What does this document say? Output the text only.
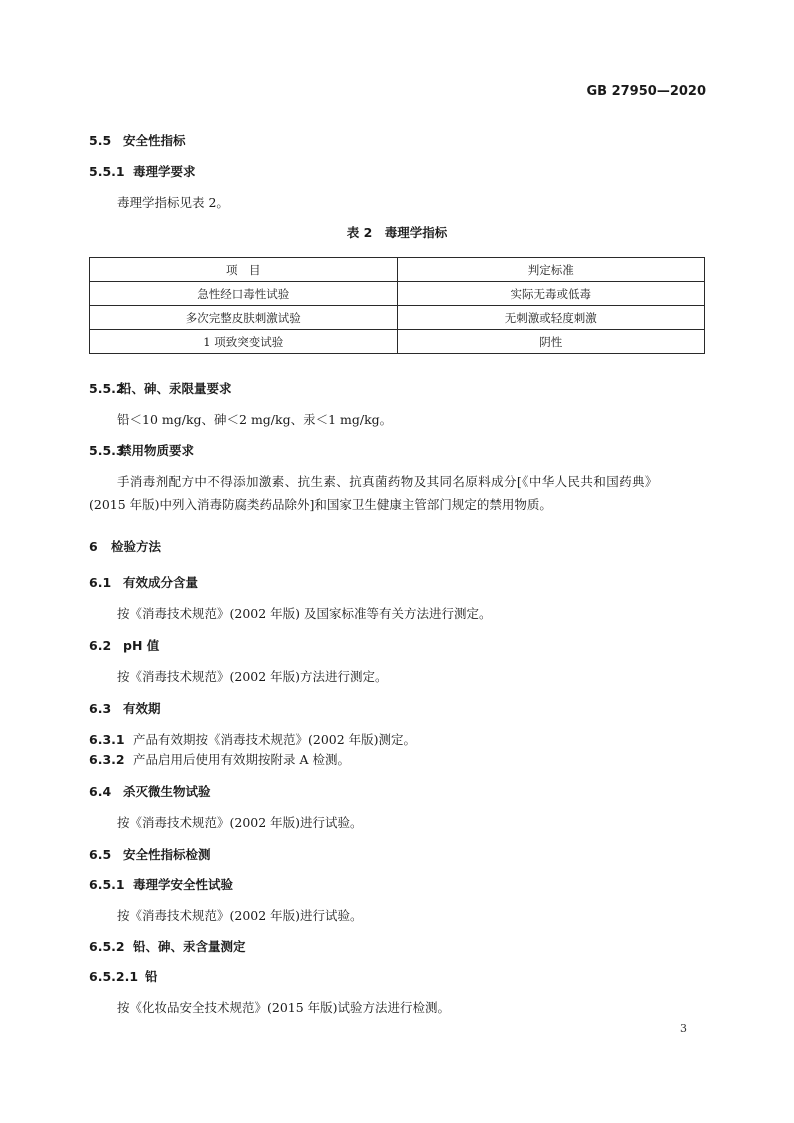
GB 27950—2020
5.5 安全性指标
5.5.1 毒理学要求
毒理学指标见表 2。
表 2　毒理学指标
项　目	判定标准
急性经口毒性试验	实际无毒或低毒
多次完整皮肤刺激试验	无刺激或轻度刺激
1 项致突变试验	阴性
5.5.2铅、砷、汞限量要求
铅＜10 mg/kg、砷＜2 mg/kg、汞＜1 mg/kg。
5.5.3禁用物质要求
手消毒剂配方中不得添加激素、抗生素、抗真菌药物及其同名原料成分[《中华人民共和国药典》
(2015 年版)中列入消毒防腐类药品除外]和国家卫生健康主管部门规定的禁用物质。
6 检验方法
6.1 有效成分含量
按《消毒技术规范》(2002 年版) 及国家标准等有关方法进行测定。
6.2 pH 值
按《消毒技术规范》(2002 年版)方法进行测定。
6.3 有效期
6.3.1 产品有效期按《消毒技术规范》(2002 年版)测定。
6.3.2 产品启用后使用有效期按附录 A 检测。
6.4 杀灭微生物试验
按《消毒技术规范》(2002 年版)进行试验。
6.5 安全性指标检测
6.5.1 毒理学安全性试验
按《消毒技术规范》(2002 年版)进行试验。
6.5.2 铅、砷、汞含量测定
6.5.2.1 铅
按《化妆品安全技术规范》(2015 年版)试验方法进行检测。
3
